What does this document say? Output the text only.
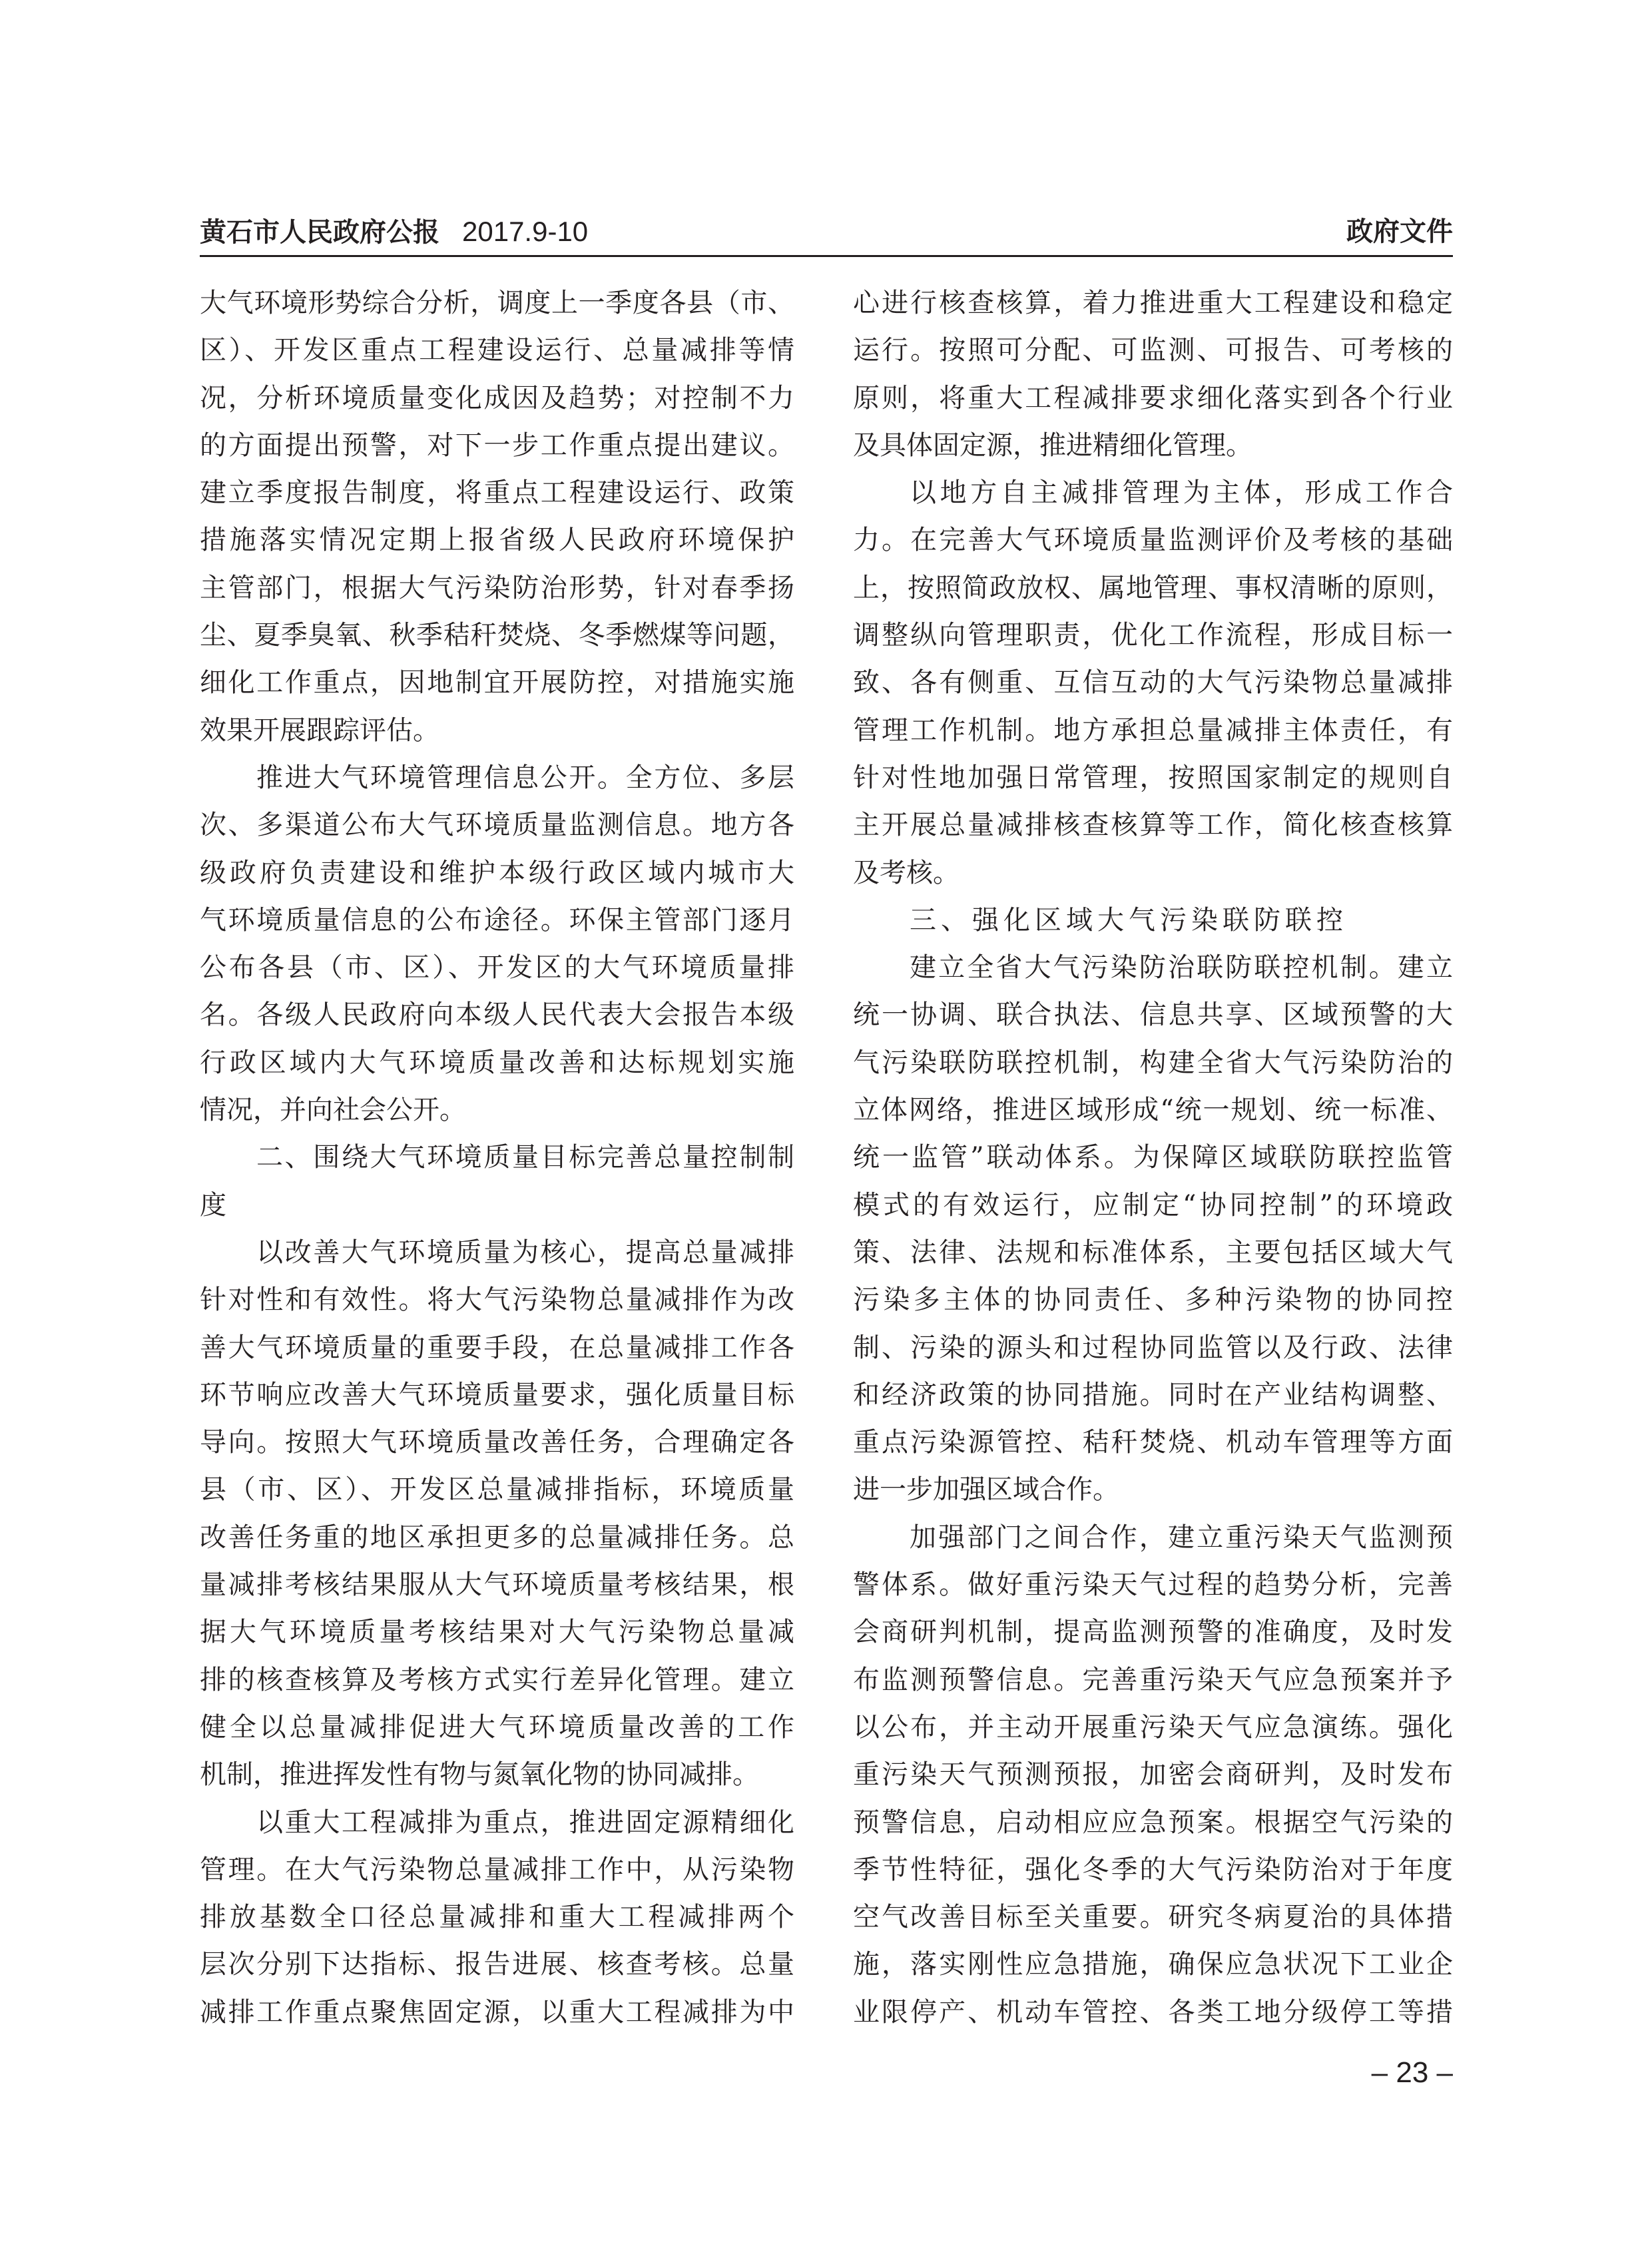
黄石市人民政府公报 2017.9-10	政府文件
大气环境形势综合分析，调度上一季度各县（市、
区）、开发区重点工程建设运行、总量减排等情
况，分析环境质量变化成因及趋势；对控制不力
的方面提出预警，对下一步工作重点提出建议。
建立季度报告制度，将重点工程建设运行、政策
措施落实情况定期上报省级人民政府环境保护
主管部门，根据大气污染防治形势，针对春季扬
尘、夏季臭氧、秋季秸秆焚烧、冬季燃煤等问题，
细化工作重点，因地制宜开展防控，对措施实施
效果开展跟踪评估。
推进大气环境管理信息公开。全方位、多层
次、多渠道公布大气环境质量监测信息。地方各
级政府负责建设和维护本级行政区域内城市大
气环境质量信息的公布途径。环保主管部门逐月
公布各县（市、区）、开发区的大气环境质量排
名。各级人民政府向本级人民代表大会报告本级
行政区域内大气环境质量改善和达标规划实施
情况，并向社会公开。
二、围绕大气环境质量目标完善总量控制制
度
以改善大气环境质量为核心，提高总量减排
针对性和有效性。将大气污染物总量减排作为改
善大气环境质量的重要手段，在总量减排工作各
环节响应改善大气环境质量要求，强化质量目标
导向。按照大气环境质量改善任务，合理确定各
县（市、区）、开发区总量减排指标，环境质量
改善任务重的地区承担更多的总量减排任务。总
量减排考核结果服从大气环境质量考核结果，根
据大气环境质量考核结果对大气污染物总量减
排的核查核算及考核方式实行差异化管理。建立
健全以总量减排促进大气环境质量改善的工作
机制，推进挥发性有物与氮氧化物的协同减排。
以重大工程减排为重点，推进固定源精细化
管理。在大气污染物总量减排工作中，从污染物
排放基数全口径总量减排和重大工程减排两个
层次分别下达指标、报告进展、核查考核。总量
减排工作重点聚焦固定源，以重大工程减排为中
心进行核查核算，着力推进重大工程建设和稳定
运行。按照可分配、可监测、可报告、可考核的
原则，将重大工程减排要求细化落实到各个行业
及具体固定源，推进精细化管理。
以地方自主减排管理为主体，形成工作合
力。在完善大气环境质量监测评价及考核的基础
上，按照简政放权、属地管理、事权清晰的原则，
调整纵向管理职责，优化工作流程，形成目标一
致、各有侧重、互信互动的大气污染物总量减排
管理工作机制。地方承担总量减排主体责任，有
针对性地加强日常管理，按照国家制定的规则自
主开展总量减排核查核算等工作，简化核查核算
及考核。
三、强化区域大气污染联防联控
建立全省大气污染防治联防联控机制。建立
统一协调、联合执法、信息共享、区域预警的大
气污染联防联控机制，构建全省大气污染防治的
立体网络，推进区域形成“统一规划、统一标准、
统一监管”联动体系。为保障区域联防联控监管
模式的有效运行，应制定“协同控制”的环境政
策、法律、法规和标准体系，主要包括区域大气
污染多主体的协同责任、多种污染物的协同控
制、污染的源头和过程协同监管以及行政、法律
和经济政策的协同措施。同时在产业结构调整、
重点污染源管控、秸秆焚烧、机动车管理等方面
进一步加强区域合作。
加强部门之间合作，建立重污染天气监测预
警体系。做好重污染天气过程的趋势分析，完善
会商研判机制，提高监测预警的准确度，及时发
布监测预警信息。完善重污染天气应急预案并予
以公布，并主动开展重污染天气应急演练。强化
重污染天气预测预报，加密会商研判，及时发布
预警信息，启动相应应急预案。根据空气污染的
季节性特征，强化冬季的大气污染防治对于年度
空气改善目标至关重要。研究冬病夏治的具体措
施，落实刚性应急措施，确保应急状况下工业企
业限停产、机动车管控、各类工地分级停工等措
– 23 –
